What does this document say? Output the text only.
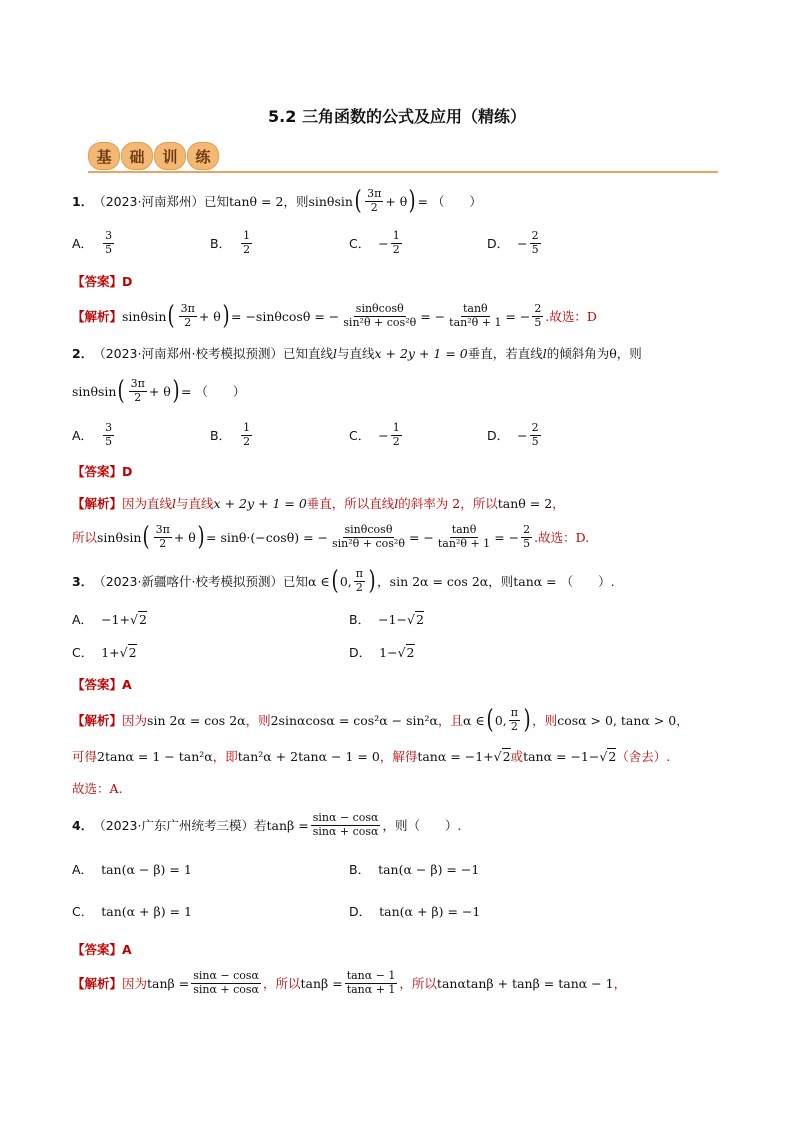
5.2 三角函数的公式及应用（精练）
基	础	训	练
1． （2023·河南郑州） 已知 tanθ = 2 ，则 sinθsin ( $\frac{3\pi}{2} + \theta$ ) = （　　）
A． $\frac{3}{5}$	B． $\frac{1}{2}$	C． − $\frac{1}{2}$	D． − $\frac{2}{5}$
【答案】 D
【解析】 sinθsin ( $\frac{3\pi}{2} + \theta$ ) = −sinθcosθ = − $\frac{\sin\theta\cos\theta}{\text{sin²θ + cos²θ}}$ = − $\frac{\tan\theta}{\text{tan²θ + 1}}$ = − $\frac{2}{5}$ .故选：D
2． （2023·河南郑州·校考模拟预测） 已知直线 l 与直线 x + 2y + 1 = 0 垂直，若直线 l 的倾斜角为 θ ，则
sinθsin ( $\frac{3\pi}{2} + \theta$ ) = （　　）
A． $\frac{3}{5}$	B． $\frac{1}{2}$	C． − $\frac{1}{2}$	D． − $\frac{2}{5}$
【答案】 D
【解析】 因为直线 l 与直线 x + 2y + 1 = 0 垂直，所以直线 l 的斜率为 2，所以 tanθ = 2 ，
所以 sinθsin ( $\frac{3\pi}{2} + \theta$ ) = sinθ·(−cosθ) = − $\frac{\sin\theta\cos\theta}{\text{sin²θ + cos²θ}}$ = − $\frac{\tan\theta}{\text{tan²θ + 1}}$ = − $\frac{2}{5}$ .故选：D.
3． （2023·新疆喀什·校考模拟预测） 已知 α ∈ ( 0, $\frac{\pi}{2}$ ) ， sin 2α = cos 2α ，则 tanα = （　　）.
A． −1+ √ 2	B． −1− √ 2
C． 1+ √ 2	D． 1− √ 2
【答案】 A
【解析】 因为 sin 2α = cos 2α ，则 2sinαcosα = cos²α − sin²α ，且 α ∈ ( 0, $\frac{\pi}{2}$ ) ，则 cosα > 0, tanα > 0 ，
可得 2tanα = 1 − tan²α ，即 tan²α + 2tanα − 1 = 0 ，解得 tanα = −1+ √ 2 或 tanα = −1− √ 2 （舍去）.
故选：A.
4． （2023·广东广州统考三模） 若 $\tan\beta = \frac{\sin\alpha - \cos\alpha}{\sin\alpha + \cos\alpha}$ ，则（　　）.
A． tan(α − β) = 1	B． tan(α − β) = −1
C． tan(α + β) = 1	D． tan(α + β) = −1
【答案】 A
【解析】 因为 $\tan\beta = \frac{\sin\alpha - \cos\alpha}{\sin\alpha + \cos\alpha}$ ，所以 $\tan\beta = \frac{\tan\alpha - 1}{\tan\alpha + 1}$ ，所以 tanαtanβ + tanβ = tanα − 1 ，
